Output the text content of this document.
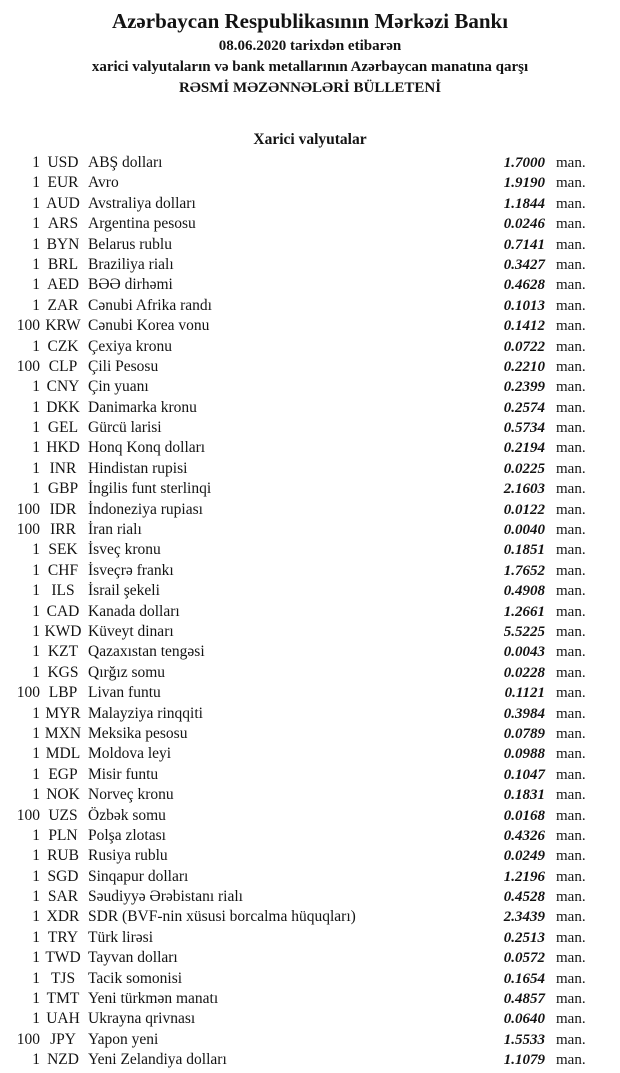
Azərbaycan Respublikasının Mərkəzi Bankı
08.06.2020 tarixdən etibarən
xarici valyutaların və bank metallarının Azərbaycan manatına qarşı
RƏSMİ MƏZƏNNƏLƏRİ BÜLLETENİ
Xarici valyutalar
1 USD ABŞ dolları	1.7000 man.
1 EUR Avro	1.9190 man.
1 AUD Avstraliya dolları	1.1844 man.
1 ARS Argentina pesosu	0.0246 man.
1 BYN Belarus rublu	0.7141 man.
1 BRL Braziliya rialı	0.3427 man.
1 AED BƏƏ dirhəmi	0.4628 man.
1 ZAR Cənubi Afrika randı	0.1013 man.
100 KRW Cənubi Korea vonu	0.1412 man.
1 CZK Çexiya kronu	0.0722 man.
100 CLP Çili Pesosu	0.2210 man.
1 CNY Çin yuanı	0.2399 man.
1 DKK Danimarka kronu	0.2574 man.
1 GEL Gürcü larisi	0.5734 man.
1 HKD Honq Konq dolları	0.2194 man.
1 INR Hindistan rupisi	0.0225 man.
1 GBP İngilis funt sterlinqi	2.1603 man.
100 IDR İndoneziya rupiası	0.0122 man.
100 IRR İran rialı	0.0040 man.
1 SEK İsveç kronu	0.1851 man.
1 CHF İsveçrə frankı	1.7652 man.
1 ILS İsrail şekeli	0.4908 man.
1 CAD Kanada dolları	1.2661 man.
1 KWD Küveyt dinarı	5.5225 man.
1 KZT Qazaxıstan tengəsi	0.0043 man.
1 KGS Qırğız somu	0.0228 man.
100 LBP Livan funtu	0.1121 man.
1 MYR Malayziya rinqqiti	0.3984 man.
1 MXN Meksika pesosu	0.0789 man.
1 MDL Moldova leyi	0.0988 man.
1 EGP Misir funtu	0.1047 man.
1 NOK Norveç kronu	0.1831 man.
100 UZS Özbək somu	0.0168 man.
1 PLN Polşa zlotası	0.4326 man.
1 RUB Rusiya rublu	0.0249 man.
1 SGD Sinqapur dolları	1.2196 man.
1 SAR Səudiyyə Ərəbistanı rialı	0.4528 man.
1 XDR SDR (BVF-nin xüsusi borcalma hüquqları)	2.3439 man.
1 TRY Türk lirəsi	0.2513 man.
1 TWD Tayvan dolları	0.0572 man.
1 TJS Tacik somonisi	0.1654 man.
1 TMT Yeni türkmən manatı	0.4857 man.
1 UAH Ukrayna qrivnası	0.0640 man.
100 JPY Yapon yeni	1.5533 man.
1 NZD Yeni Zelandiya dolları	1.1079 man.
